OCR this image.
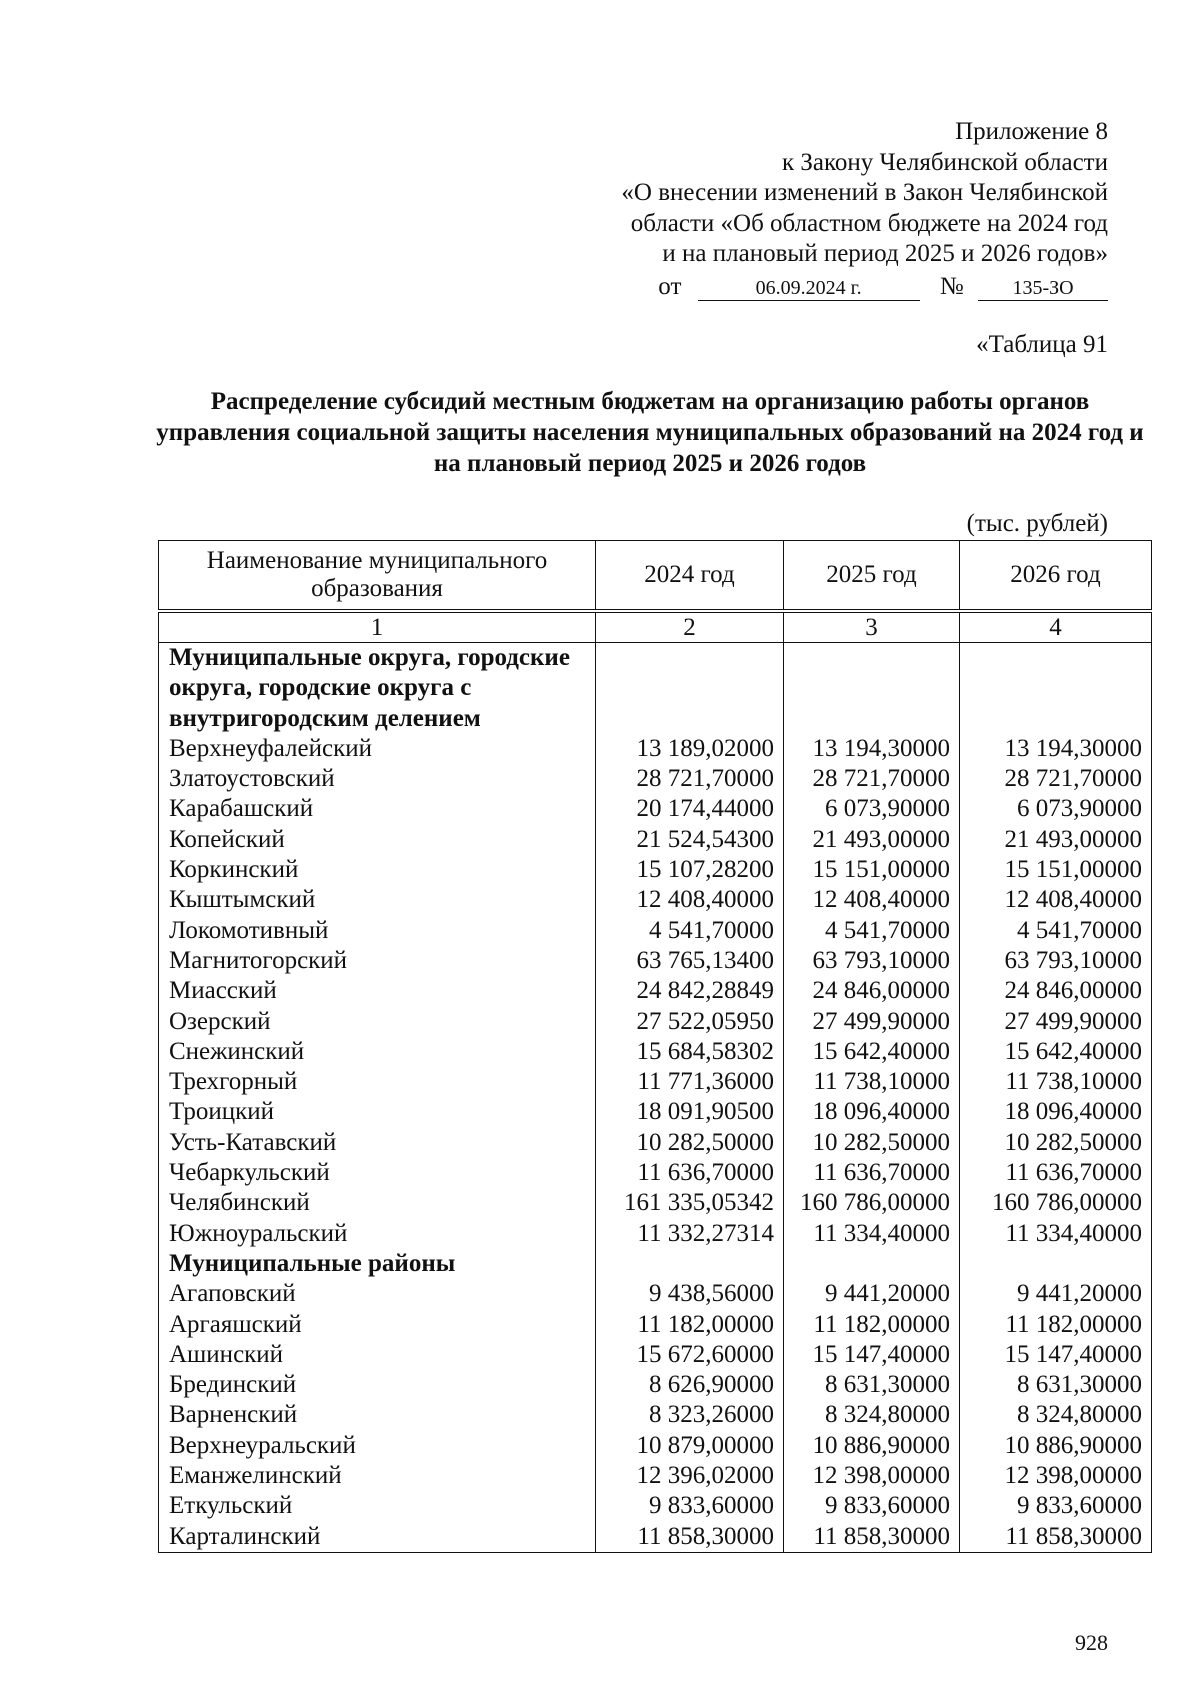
Приложение 8
к Закону Челябинской области
«О внесении изменений в Закон Челябинской
области «Об областном бюджете на 2024 год
и на плановый период 2025 и 2026 годов»
от	06.09.2024 г.	№ 135-ЗО
«Таблица 91
Распределение субсидий местным бюджетам на организацию работы органов управления социальной защиты населения муниципальных образований на 2024 год и на плановый период 2025 и 2026 годов
(тыс. рублей)
Наименование муниципального образования	2024 год	2025 год	2026 год
1	2	3	4
Муниципальные округа, городские округа, городские округа с внутригородским делением			
Верхнеуфалейский	13 189,02000	13 194,30000	13 194,30000
Златоустовский	28 721,70000	28 721,70000	28 721,70000
Карабашский	20 174,44000	6 073,90000	6 073,90000
Копейский	21 524,54300	21 493,00000	21 493,00000
Коркинский	15 107,28200	15 151,00000	15 151,00000
Кыштымский	12 408,40000	12 408,40000	12 408,40000
Локомотивный	4 541,70000	4 541,70000	4 541,70000
Магнитогорский	63 765,13400	63 793,10000	63 793,10000
Миасский	24 842,28849	24 846,00000	24 846,00000
Озерский	27 522,05950	27 499,90000	27 499,90000
Снежинский	15 684,58302	15 642,40000	15 642,40000
Трехгорный	11 771,36000	11 738,10000	11 738,10000
Троицкий	18 091,90500	18 096,40000	18 096,40000
Усть-Катавский	10 282,50000	10 282,50000	10 282,50000
Чебаркульский	11 636,70000	11 636,70000	11 636,70000
Челябинский	161 335,05342	160 786,00000	160 786,00000
Южноуральский	11 332,27314	11 334,40000	11 334,40000
Муниципальные районы			
Агаповский	9 438,56000	9 441,20000	9 441,20000
Аргаяшский	11 182,00000	11 182,00000	11 182,00000
Ашинский	15 672,60000	15 147,40000	15 147,40000
Брединский	8 626,90000	8 631,30000	8 631,30000
Варненский	8 323,26000	8 324,80000	8 324,80000
Верхнеуральский	10 879,00000	10 886,90000	10 886,90000
Еманжелинский	12 396,02000	12 398,00000	12 398,00000
Еткульский	9 833,60000	9 833,60000	9 833,60000
Карталинский	11 858,30000	11 858,30000	11 858,30000
928
